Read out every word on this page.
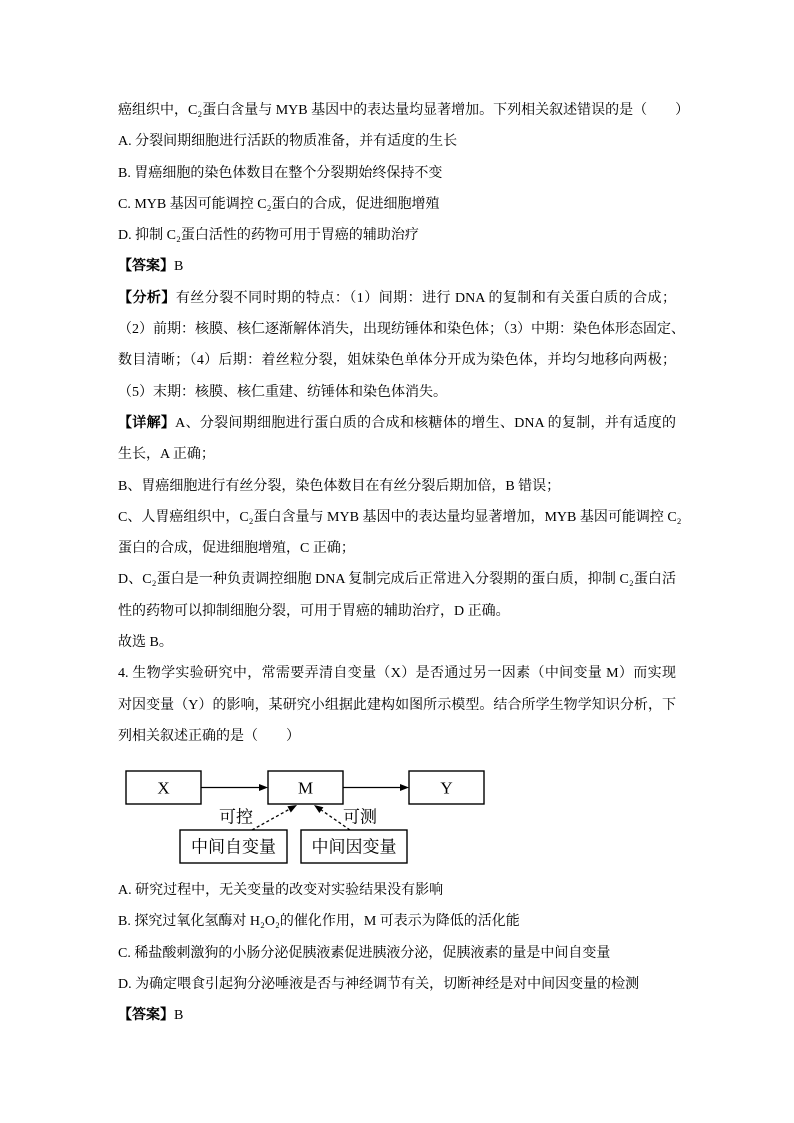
癌组织中，C₂蛋白含量与 MYB 基因中的表达量均显著增加。下列相关叙述错误的是（　　）
A. 分裂间期细胞进行活跃的物质准备，并有适度的生长
B. 胃癌细胞的染色体数目在整个分裂期始终保持不变
C. MYB 基因可能调控 C₂蛋白的合成，促进细胞增殖
D. 抑制 C₂蛋白活性的药物可用于胃癌的辅助治疗
【答案】B
【分析】有丝分裂不同时期的特点：（1）间期：进行 DNA 的复制和有关蛋白质的合成；
（2）前期：核膜、核仁逐渐解体消失，出现纺锤体和染色体；（3）中期：染色体形态固定、
数目清晰；（4）后期：着丝粒分裂，姐妹染色单体分开成为染色体，并均匀地移向两极；
（5）末期：核膜、核仁重建、纺锤体和染色体消失。
【详解】A、分裂间期细胞进行蛋白质的合成和核糖体的增生、DNA 的复制，并有适度的
生长，A 正确；
B、胃癌细胞进行有丝分裂，染色体数目在有丝分裂后期加倍，B 错误；
C、人胃癌组织中，C₂蛋白含量与 MYB 基因中的表达量均显著增加，MYB 基因可能调控 C₂
蛋白的合成，促进细胞增殖，C 正确；
D、C₂蛋白是一种负责调控细胞 DNA 复制完成后正常进入分裂期的蛋白质，抑制 C₂蛋白活
性的药物可以抑制细胞分裂，可用于胃癌的辅助治疗，D 正确。
故选 B。
4. 生物学实验研究中，常需要弄清自变量（X）是否通过另一因素（中间变量 M）而实现
对因变量（Y）的影响，某研究小组据此建构如图所示模型。结合所学生物学知识分析，下
列相关叙述正确的是（　　）
X	M	Y
可控	可测
中间自变量 中间因变量
A. 研究过程中，无关变量的改变对实验结果没有影响
B. 探究过氧化氢酶对 H₂O₂的催化作用，M 可表示为降低的活化能
C. 稀盐酸刺激狗的小肠分泌促胰液素促进胰液分泌，促胰液素的量是中间自变量
D. 为确定喂食引起狗分泌唾液是否与神经调节有关，切断神经是对中间因变量的检测
【答案】B
